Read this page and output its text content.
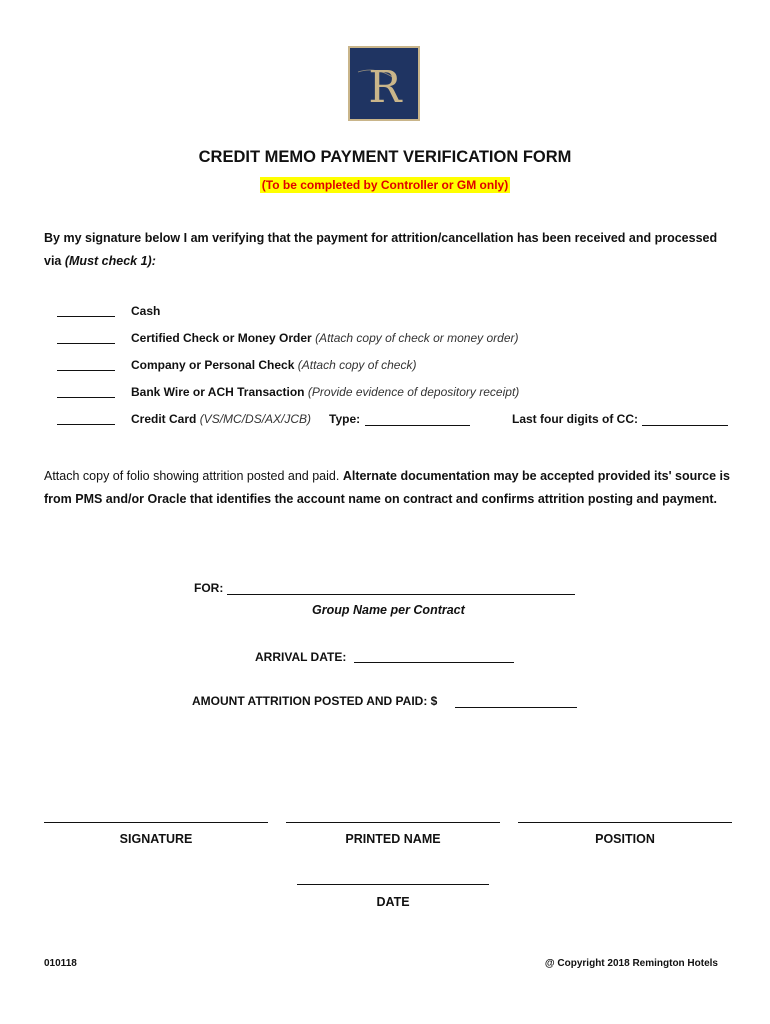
R
CREDIT MEMO PAYMENT VERIFICATION FORM
(To be completed by Controller or GM only)
By my signature below I am verifying that the payment for attrition/cancellation has been received and processed via (Must check 1):
Cash
Certified Check or Money Order (Attach copy of check or money order)
Company or Personal Check (Attach copy of check)
Bank Wire or ACH Transaction (Provide evidence of depository receipt)
Credit Card (VS/MC/DS/AX/JCB) Type:	Last four digits of CC:
Attach copy of folio showing attrition posted and paid. Alternate documentation may be accepted provided its' source is from PMS and/or Oracle that identifies the account name on contract and confirms attrition posting and payment.
FOR:
Group Name per Contract
ARRIVAL DATE:
AMOUNT ATTRITION POSTED AND PAID: $
SIGNATURE	PRINTED NAME	POSITION
DATE
010118	@ Copyright 2018 Remington Hotels
